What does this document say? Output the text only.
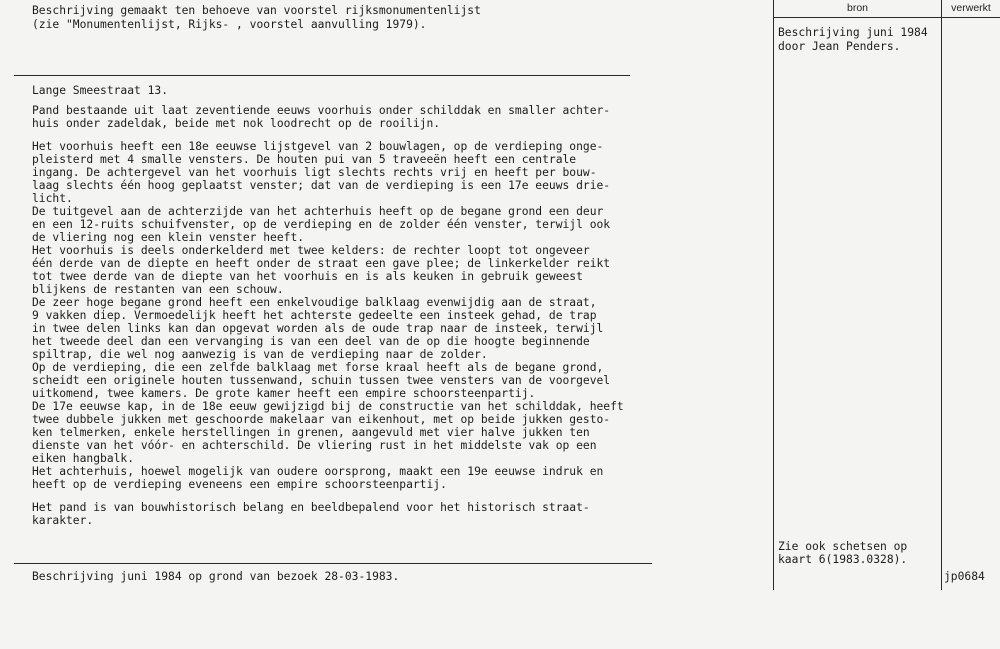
bron	verwerkt
Beschrijving gemaakt ten behoeve van voorstel rijksmonumentenlijst
(zie "Monumentenlijst, Rijks- , voorstel aanvulling 1979).
Beschrijving juni 1984
door Jean Penders.
Lange Smeestraat 13.
Pand bestaande uit laat zeventiende eeuws voorhuis onder schilddak en smaller achter-
huis onder zadeldak, beide met nok loodrecht op de rooilijn.
Het voorhuis heeft een 18e eeuwse lijstgevel van 2 bouwlagen, op de verdieping onge-
pleisterd met 4 smalle vensters. De houten pui van 5 traveeën heeft een centrale
ingang. De achtergevel van het voorhuis ligt slechts rechts vrij en heeft per bouw-
laag slechts één hoog geplaatst venster; dat van de verdieping is een 17e eeuws drie-
licht.
De tuitgevel aan de achterzijde van het achterhuis heeft op de begane grond een deur
en een 12-ruits schuifvenster, op de verdieping en de zolder één venster, terwijl ook
de vliering nog een klein venster heeft.
Het voorhuis is deels onderkelderd met twee kelders: de rechter loopt tot ongeveer
één derde van de diepte en heeft onder de straat een gave plee; de linkerkelder reikt
tot twee derde van de diepte van het voorhuis en is als keuken in gebruik geweest
blijkens de restanten van een schouw.
De zeer hoge begane grond heeft een enkelvoudige balklaag evenwijdig aan de straat,
9 vakken diep. Vermoedelijk heeft het achterste gedeelte een insteek gehad, de trap
in twee delen links kan dan opgevat worden als de oude trap naar de insteek, terwijl
het tweede deel dan een vervanging is van een deel van de op die hoogte beginnende
spiltrap, die wel nog aanwezig is van de verdieping naar de zolder.
Op de verdieping, die een zelfde balklaag met forse kraal heeft als de begane grond,
scheidt een originele houten tussenwand, schuin tussen twee vensters van de voorgevel
uitkomend, twee kamers. De grote kamer heeft een empire schoorsteenpartij.
De 17e eeuwse kap, in de 18e eeuw gewijzigd bij de constructie van het schilddak, heeft
twee dubbele jukken met geschoorde makelaar van eikenhout, met op beide jukken gesto-
ken telmerken, enkele herstellingen in grenen, aangevuld met vier halve jukken ten
dienste van het vóór- en achterschild. De vliering rust in het middelste vak op een
eiken hangbalk.
Het achterhuis, hoewel mogelijk van oudere oorsprong, maakt een 19e eeuwse indruk en
heeft op de verdieping eveneens een empire schoorsteenpartij.
Het pand is van bouwhistorisch belang en beeldbepalend voor het historisch straat-
karakter.
Zie ook schetsen op
kaart 6(1983.0328).
Beschrijving juni 1984 op grond van bezoek 28-03-1983.	jp0684
